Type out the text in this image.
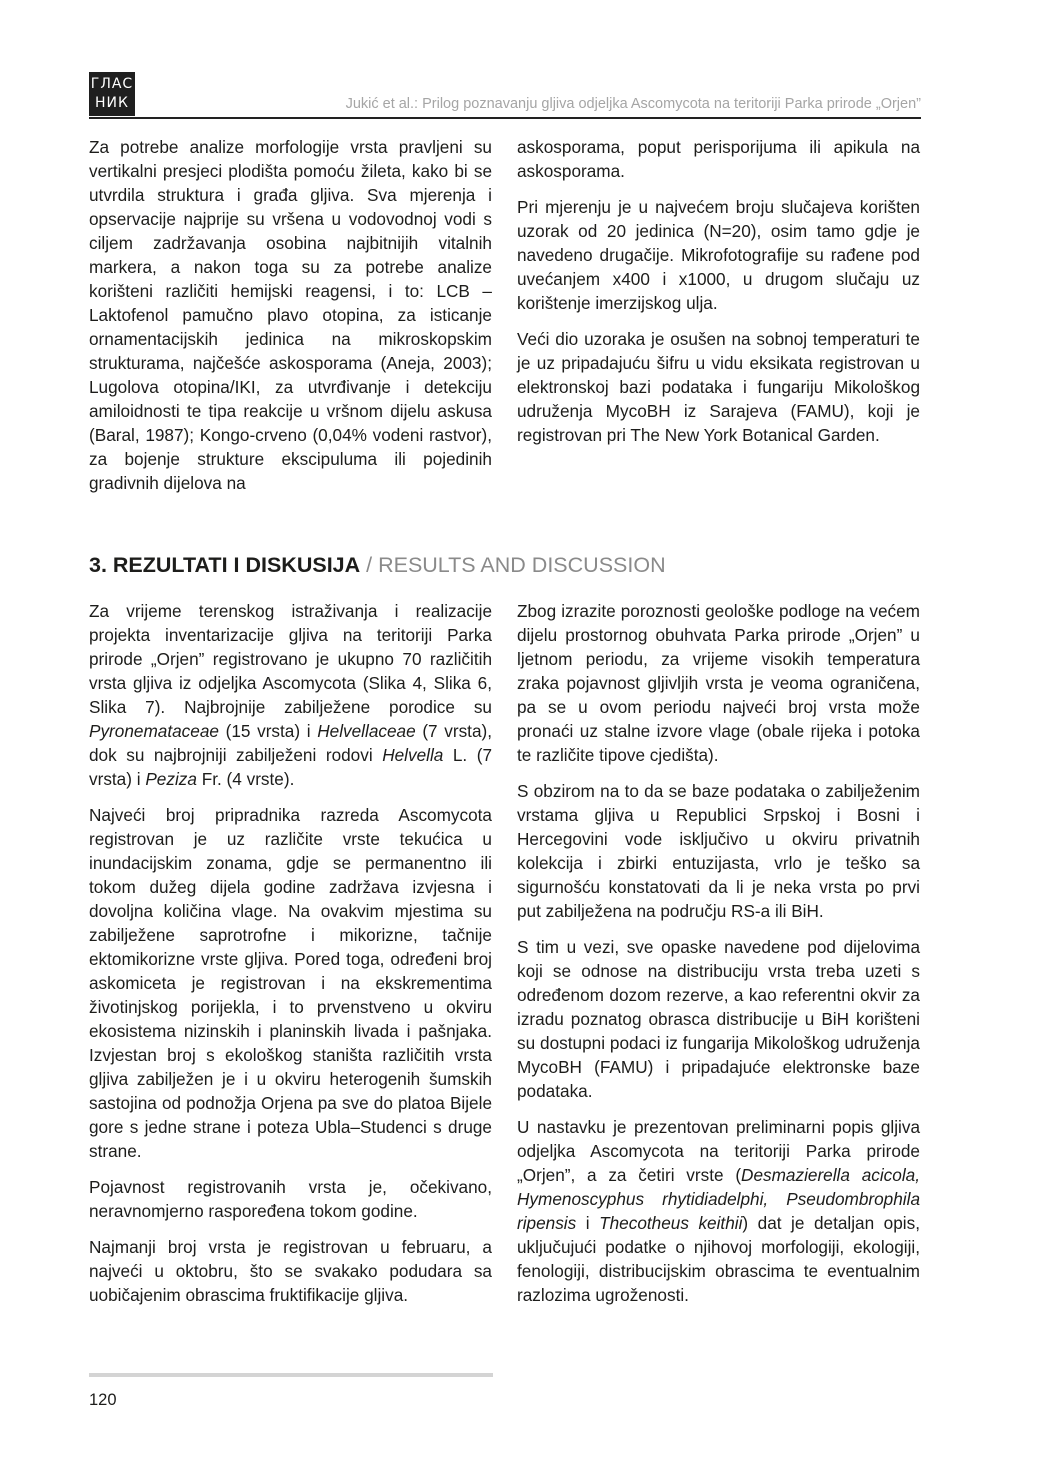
ГЛАС
НИК	Jukić et al.: Prilog poznavanju gljiva odjeljka Ascomycota na teritoriji Parka prirode „Orjen”

Za potrebe analize morfologije vrsta pravljeni su vertikalni presjeci plodišta pomoću žileta, kako bi se utvrdila struktura i građa gljiva. Sva mjerenja i opservacije najprije su vršena u vodovodnoj vodi s ciljem zadržavanja osobina najbitnijih vitalnih markera, a nakon toga su za potrebe analize korišteni različiti hemijski reagensi, i to: LCB – Laktofenol pamučno plavo otopina, za isticanje ornamentacijskih jedinica na mikroskopskim strukturama, najčešće askosporama (Aneja, 2003); Lugolova otopina/IKI, za utvrđivanje i detekciju amiloidnosti te tipa reakcije u vršnom dijelu askusa (Baral, 1987); Kongo-crveno (0,04% vodeni rastvor), za bojenje strukture ekscipuluma ili pojedinih gradivnih dijelova na

askosporama, poput perisporijuma ili apikula na askosporama.

Pri mjerenju je u najvećem broju slučajeva korišten uzorak od 20 jedinica (N=20), osim tamo gdje je navedeno drugačije. Mikrofotografije su rađene pod uvećanjem x400 i x1000, u drugom slučaju uz korištenje imerzijskog ulja.

Veći dio uzoraka je osušen na sobnoj temperaturi te je uz pripadajuću šifru u vidu eksikata registrovan u elektronskoj bazi podataka i fungariju Mikološkog udruženja MycoBH iz Sarajeva (FAMU), koji je registrovan pri The New York Botanical Garden.

3. REZULTATI I DISKUSIJA / RESULTS AND DISCUSSION

Za vrijeme terenskog istraživanja i realizacije projekta inventarizacije gljiva na teritoriji Parka prirode „Orjen” registrovano je ukupno 70 različitih vrsta gljiva iz odjeljka Ascomycota (Slika 4, Slika 6, Slika 7). Najbrojnije zabilježene porodice su Pyronemataceae (15 vrsta) i Helvellaceae (7 vrsta), dok su najbrojniji zabilježeni rodovi Helvella L. (7 vrsta) i Peziza Fr. (4 vrste).

Najveći broj pripradnika razreda Ascomycota registrovan je uz različite vrste tekućica u inundacijskim zonama, gdje se permanentno ili tokom dužeg dijela godine zadržava izvjesna i dovoljna količina vlage. Na ovakvim mjestima su zabilježene saprotrofne i mikorizne, tačnije ektomikorizne vrste gljiva. Pored toga, određeni broj askomiceta je registrovan i na ekskrementima životinjskog porijekla, i to prvenstveno u okviru ekosistema nizinskih i planinskih livada i pašnjaka. Izvjestan broj s ekološkog staništa različitih vrsta gljiva zabilježen je i u okviru heterogenih šumskih sastojina od podnožja Orjena pa sve do platoa Bijele gore s jedne strane i poteza Ubla–Studenci s druge strane.

Pojavnost registrovanih vrsta je, očekivano, neravnomjerno raspoređena tokom godine.

Najmanji broj vrsta je registrovan u februaru, a najveći u oktobru, što se svakako podudara sa uobičajenim obrascima fruktifikacije gljiva.

Zbog izrazite poroznosti geološke podloge na većem dijelu prostornog obuhvata Parka prirode „Orjen” u ljetnom periodu, za vrijeme visokih temperatura zraka pojavnost gljivljih vrsta je veoma ograničena, pa se u ovom periodu najveći broj vrsta može pronaći uz stalne izvore vlage (obale rijeka i potoka te različite tipove cjedišta).

S obzirom na to da se baze podataka o zabilježenim vrstama gljiva u Republici Srpskoj i Bosni i Hercegovini vode isključivo u okviru privatnih kolekcija i zbirki entuzijasta, vrlo je teško sa sigurnošću konstatovati da li je neka vrsta po prvi put zabilježena na području RS-a ili BiH.

S tim u vezi, sve opaske navedene pod dijelovima koji se odnose na distribuciju vrsta treba uzeti s određenom dozom rezerve, a kao referentni okvir za izradu poznatog obrasca distribucije u BiH korišteni su dostupni podaci iz fungarija Mikološkog udruženja MycoBH (FAMU) i pripadajuće elektronske baze podataka.

U nastavku je prezentovan preliminarni popis gljiva odjeljka Ascomycota na teritoriji Parka prirode „Orjen”, a za četiri vrste (Desmazierella acicola, Hymenoscyphus rhytidiadelphi, Pseudombrophila ripensis i Thecotheus keithii) dat je detaljan opis, uključujući podatke o njihovoj morfologiji, ekologiji, fenologiji, distribucijskim obrascima te eventualnim razlozima ugroženosti.

120
